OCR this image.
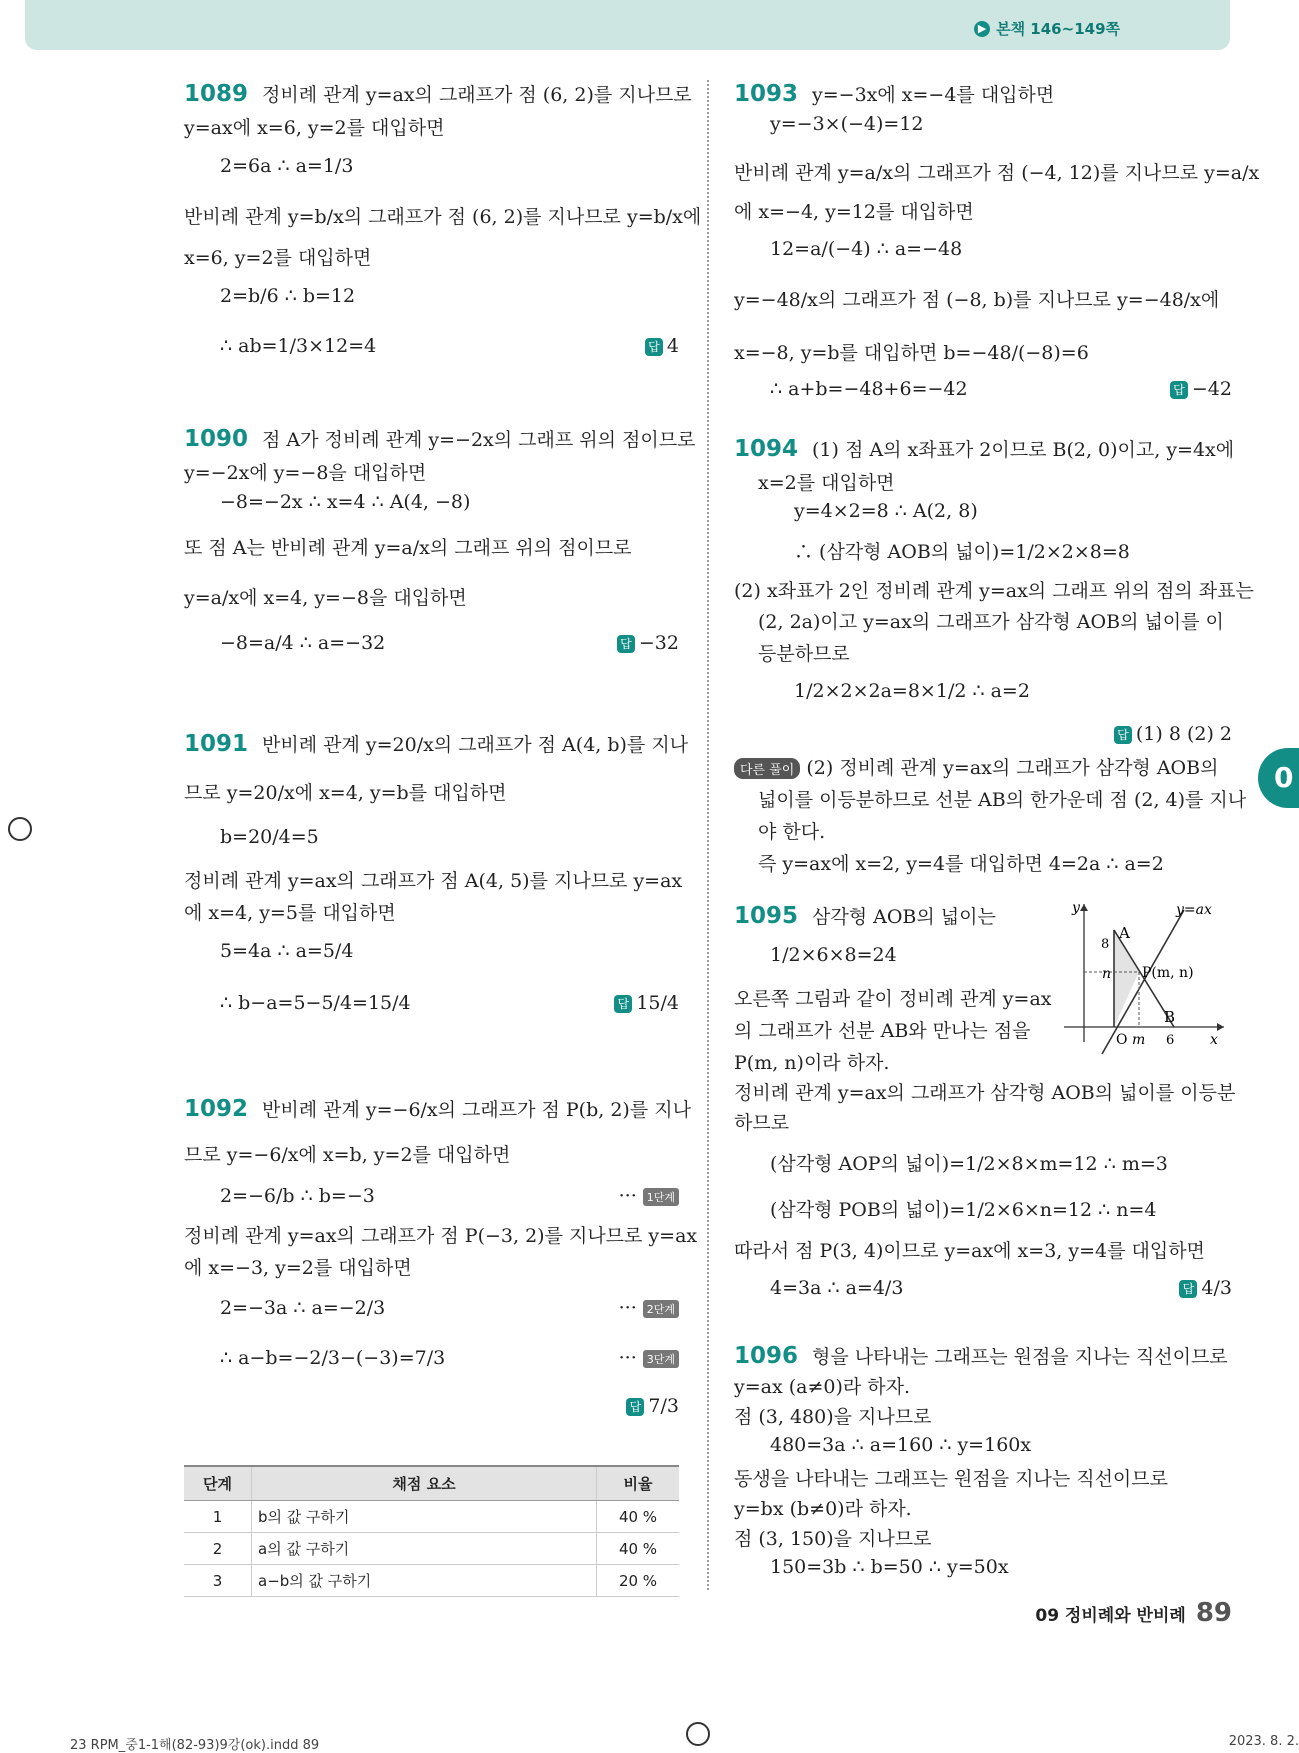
▶ 본책 146~149쪽
1089 정비례 관계 y=ax의 그래프가 점 (6, 2)를 지나므로
y=ax에 x=6, y=2를 대입하면
2=6a ∴ a=1/3
반비례 관계 y=b/x의 그래프가 점 (6, 2)를 지나므로 y=b/x에
x=6, y=2를 대입하면
2=b/6 ∴ b=12
∴ ab=1/3×12=4	답 4
1090 점 A가 정비례 관계 y=−2x의 그래프 위의 점이므로
y=−2x에 y=−8을 대입하면
−8=−2x ∴ x=4 ∴ A(4, −8)
또 점 A는 반비례 관계 y=a/x의 그래프 위의 점이므로
y=a/x에 x=4, y=−8을 대입하면
−8=a/4 ∴ a=−32	답 −32
1091 반비례 관계 y=20/x의 그래프가 점 A(4, b)를 지나
므로 y=20/x에 x=4, y=b를 대입하면
b=20/4=5
정비례 관계 y=ax의 그래프가 점 A(4, 5)를 지나므로 y=ax
에 x=4, y=5를 대입하면
5=4a ∴ a=5/4
∴ b−a=5−5/4=15/4	답 15/4
1092 반비례 관계 y=−6/x의 그래프가 점 P(b, 2)를 지나
므로 y=−6/x에 x=b, y=2를 대입하면
2=−6/b ∴ b=−3	··· 1단계
정비례 관계 y=ax의 그래프가 점 P(−3, 2)를 지나므로 y=ax
에 x=−3, y=2를 대입하면
2=−3a ∴ a=−2/3	··· 2단계
∴ a−b=−2/3−(−3)=7/3	··· 3단계
답 7/3
단계	채점 요소	비율
1	b의 값 구하기	40 %
2	a의 값 구하기	40 %
3	a−b의 값 구하기	20 %
1093 y=−3x에 x=−4를 대입하면
y=−3×(−4)=12
반비례 관계 y=a/x의 그래프가 점 (−4, 12)를 지나므로 y=a/x
에 x=−4, y=12를 대입하면
12=a/(−4) ∴ a=−48
y=−48/x의 그래프가 점 (−8, b)를 지나므로 y=−48/x에
x=−8, y=b를 대입하면 b=−48/(−8)=6
∴ a+b=−48+6=−42	답 −42
1094 (1) 점 A의 x좌표가 2이므로 B(2, 0)이고, y=4x에
x=2를 대입하면
y=4×2=8 ∴ A(2, 8)
∴ (삼각형 AOB의 넓이)=1/2×2×8=8
(2) x좌표가 2인 정비례 관계 y=ax의 그래프 위의 점의 좌표는
(2, 2a)이고 y=ax의 그래프가 삼각형 AOB의 넓이를 이
등분하므로
1/2×2×2a=8×1/2 ∴ a=2
답 (1) 8 (2) 2
다른 풀이 (2) 정비례 관계 y=ax의 그래프가 삼각형 AOB의
넓이를 이등분하므로 선분 AB의 한가운데 점 (2, 4)를 지나
야 한다.
즉 y=ax에 x=2, y=4를 대입하면 4=2a ∴ a=2
1095 삼각형 AOB의 넓이는
1/2×6×8=24
오른쪽 그림과 같이 정비례 관계 y=ax
의 그래프가 선분 AB와 만나는 점을
P(m, n)이라 하자.
정비례 관계 y=ax의 그래프가 삼각형 AOB의 넓이를 이등분
하므로
(삼각형 AOP의 넓이)=1/2×8×m=12 ∴ m=3
(삼각형 POB의 넓이)=1/2×6×n=12 ∴ n=4
따라서 점 P(3, 4)이므로 y=ax에 x=3, y=4를 대입하면
4=3a ∴ a=4/3	답 4/3
y	y=ax
A
8
n P(m, n)
B
O m 6	x
1096 형을 나타내는 그래프는 원점을 지나는 직선이므로
y=ax (a≠0)라 하자.
점 (3, 480)을 지나므로
480=3a ∴ a=160 ∴ y=160x
동생을 나타내는 그래프는 원점을 지나는 직선이므로
y=bx (b≠0)라 하자.
점 (3, 150)을 지나므로
150=3b ∴ b=50 ∴ y=50x
0
09 정비례와 반비례 89
23 RPM_중1-1해(82-93)9강(ok).indd 89	2023. 8. 2.
